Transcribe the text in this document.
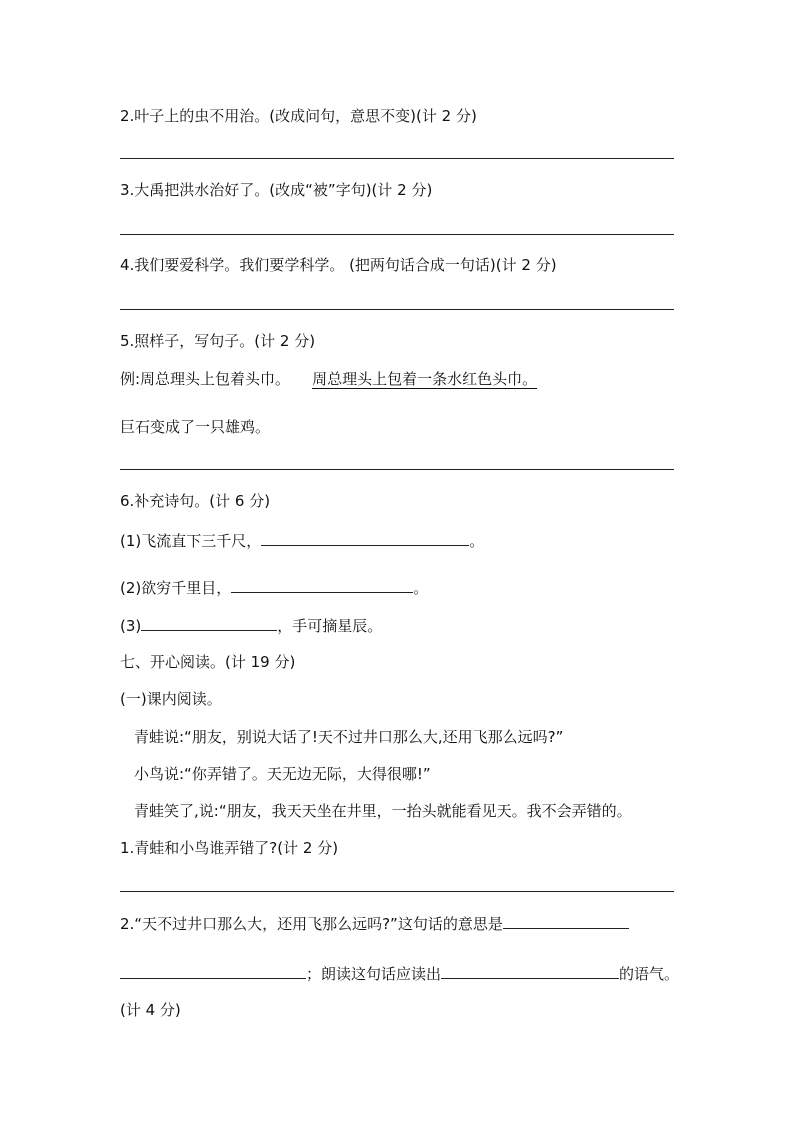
2.叶子上的虫不用治。(改成问句，意思不变)(计 2 分)
3.大禹把洪水治好了。(改成“被”字句)(计 2 分)
4.我们要爱科学。我们要学科学。 (把两句话合成一句话)(计 2 分)
5.照样子，写句子。(计 2 分)
例:周总理头上包着头巾。 周总理头上包着一条水红色头巾。
巨石变成了一只雄鸡。
6.补充诗句。(计 6 分)
(1)飞流直下三千尺，	。
(2)欲穷千里目，	。
(3)	，手可摘星辰。
七、开心阅读。(计 19 分)
(一)课内阅读。
青蛙说:“朋友，别说大话了!天不过井口那么大,还用飞那么远吗?”
小鸟说:“你弄错了。天无边无际，大得很哪!”
青蛙笑了,说:“朋友，我天天坐在井里，一抬头就能看见天。我不会弄错的。
1.青蛙和小鸟谁弄错了?(计 2 分)
2.“天不过井口那么大，还用飞那么远吗?”这句话的意思是
；朗读这句话应读出	的语气。
(计 4 分)
